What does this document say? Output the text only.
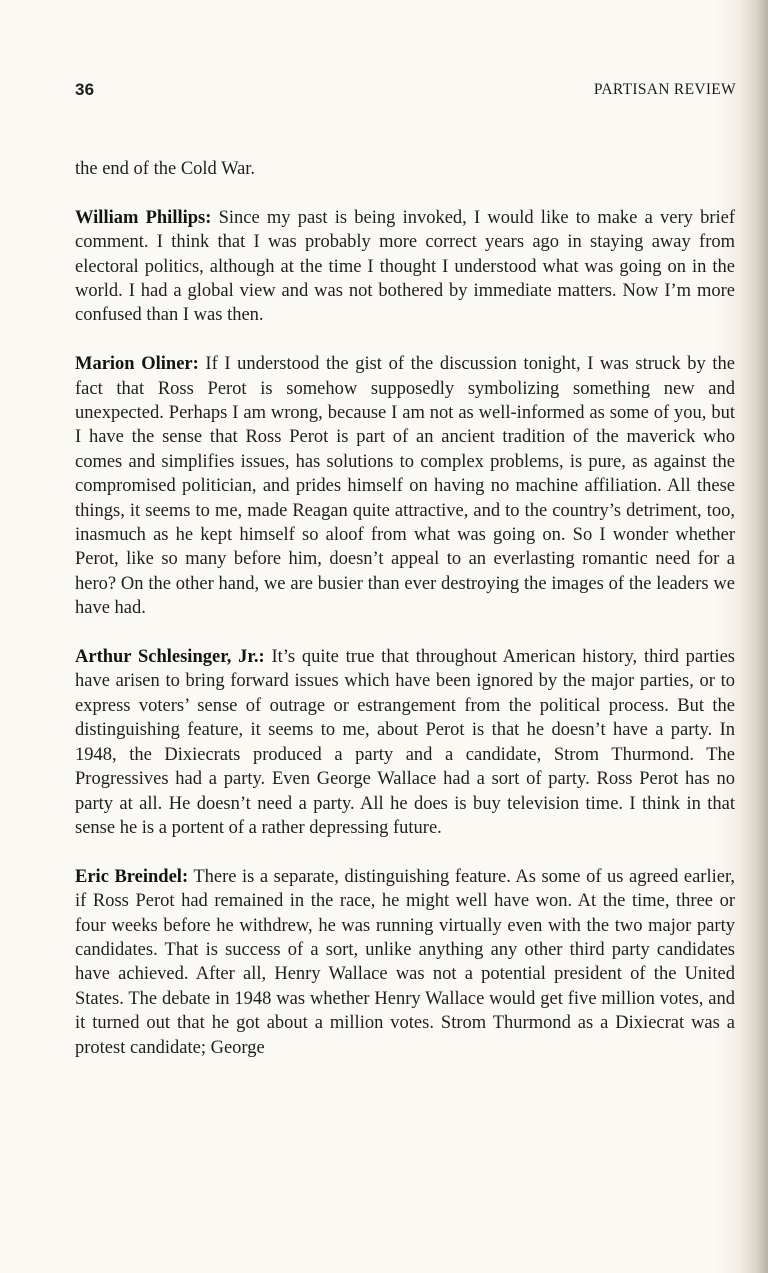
36	PARTISAN REVIEW

the end of the Cold War.

William Phillips: Since my past is being invoked, I would like to make a very brief comment. I think that I was probably more correct years ago in staying away from electoral politics, although at the time I thought I understood what was going on in the world. I had a global view and was not bothered by immediate matters. Now I’m more confused than I was then.

Marion Oliner: If I understood the gist of the discussion tonight, I was struck by the fact that Ross Perot is somehow supposedly symbolizing something new and unexpected. Perhaps I am wrong, because I am not as well-informed as some of you, but I have the sense that Ross Perot is part of an ancient tradition of the maverick who comes and simplifies issues, has solutions to complex problems, is pure, as against the compromised politician, and prides himself on having no machine affiliation. All these things, it seems to me, made Reagan quite attractive, and to the country’s detriment, too, inasmuch as he kept himself so aloof from what was going on. So I wonder whether Perot, like so many before him, doesn’t appeal to an everlasting romantic need for a hero? On the other hand, we are busier than ever destroying the images of the leaders we have had.

Arthur Schlesinger, Jr.: It’s quite true that throughout American history, third parties have arisen to bring forward issues which have been ignored by the major parties, or to express voters’ sense of outrage or estrangement from the political process. But the distinguishing feature, it seems to me, about Perot is that he doesn’t have a party. In 1948, the Dixiecrats produced a party and a candidate, Strom Thurmond. The Progressives had a party. Even George Wallace had a sort of party. Ross Perot has no party at all. He doesn’t need a party. All he does is buy television time. I think in that sense he is a portent of a rather depressing future.

Eric Breindel: There is a separate, distinguishing feature. As some of us agreed earlier, if Ross Perot had remained in the race, he might well have won. At the time, three or four weeks before he withdrew, he was running virtually even with the two major party candidates. That is success of a sort, unlike anything any other third party candidates have achieved. After all, Henry Wallace was not a potential president of the United States. The debate in 1948 was whether Henry Wallace would get five million votes, and it turned out that he got about a million votes. Strom Thurmond as a Dixiecrat was a protest candidate; George
